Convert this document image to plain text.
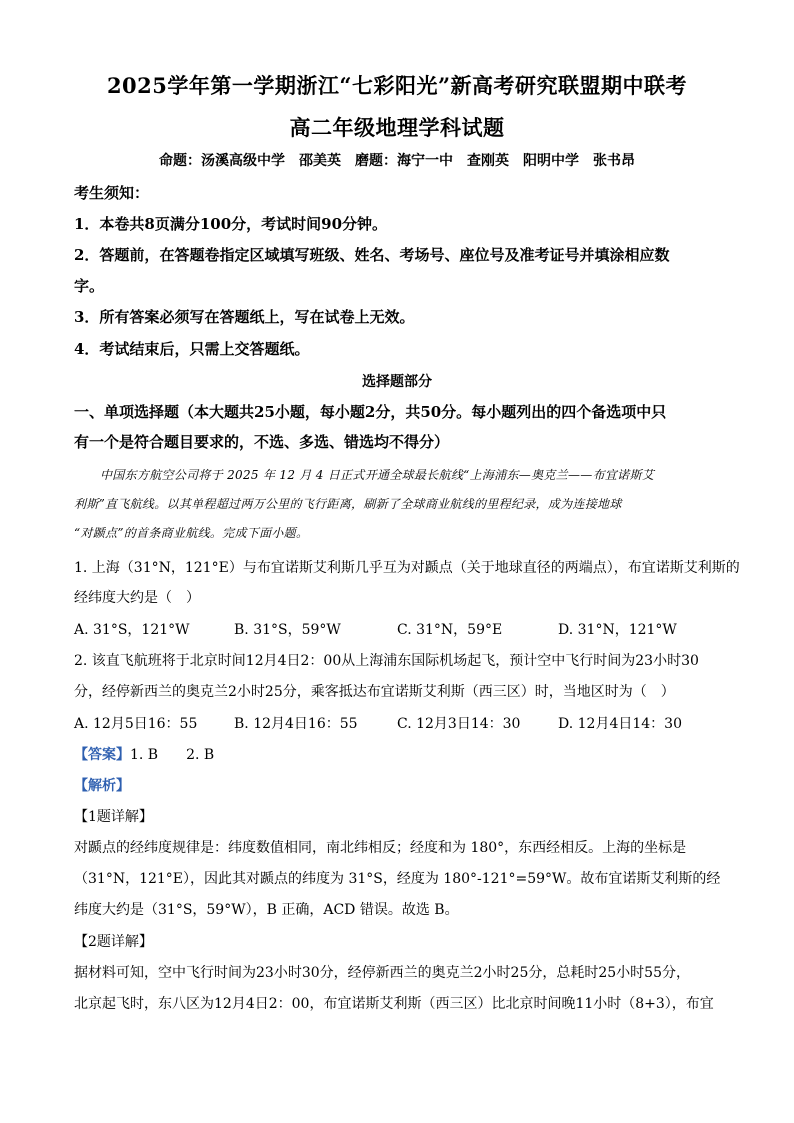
2025学年第一学期浙江“七彩阳光”新高考研究联盟期中联考
高二年级地理学科试题
命题：汤溪高级中学　邵美英　磨题：海宁一中　查刚英　阳明中学　张书昂
考生须知：
1．本卷共8页满分100分，考试时间90分钟。
2．答题前，在答题卷指定区域填写班级、姓名、考场号、座位号及准考证号并填涂相应数
字。
3．所有答案必须写在答题纸上，写在试卷上无效。
4．考试结束后，只需上交答题纸。
选择题部分
一、单项选择题（本大题共25小题，每小题2分，共50分。每小题列出的四个备选项中只
有一个是符合题目要求的，不选、多选、错选均不得分）
中国东方航空公司将于 2025 年 12 月 4 日正式开通全球最长航线“上海浦东—奥克兰——布宜诺斯艾
利斯”直飞航线。以其单程超过两万公里的飞行距离，刷新了全球商业航线的里程纪录，成为连接地球
“对踬点”的首条商业航线。完成下面小题。
1. 上海（31°N，121°E）与布宜诺斯艾利斯几乎互为对踬点（关于地球直径的两端点），布宜诺斯艾利斯的
经纬度大约是（　）
A. 31°S，121°W	B. 31°S，59°W	C. 31°N，59°E	D. 31°N，121°W
2. 该直飞航班将于北京时间12月4日2：00从上海浦东国际机场起飞，预计空中飞行时间为23小时30
分，经停新西兰的奥克兰2小时25分，乘客抵达布宜诺斯艾利斯（西三区）时，当地区时为（　）
A. 12月5日16：55	B. 12月4日16：55	C. 12月3日14：30	D. 12月4日14：30
【答案】1. B　　2. B
【解析】
【1题详解】
对踬点的经纬度规律是：纬度数值相同，南北纬相反；经度和为 180°，东西经相反。上海的坐标是
（31°N，121°E），因此其对踬点的纬度为 31°S，经度为 180°-121°=59°W。故布宜诺斯艾利斯的经
纬度大约是（31°S，59°W），B 正确，ACD 错误。故选 B。
【2题详解】
据材料可知，空中飞行时间为23小时30分，经停新西兰的奥克兰2小时25分，总耗时25小时55分，
北京起飞时，东八区为12月4日2：00，布宜诺斯艾利斯（西三区）比北京时间晚11小时（8+3），布宜
